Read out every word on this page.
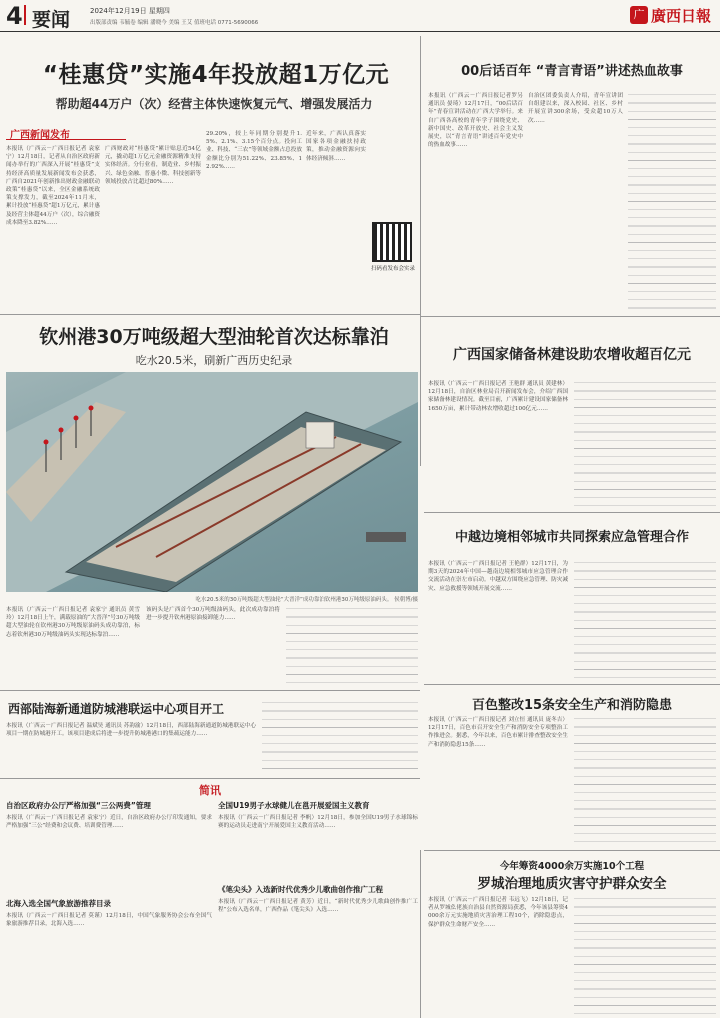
4 要闻	2024年12月19日 星期四
出版部责编 韦毓卷 编辑 潘晓今 美编 王艾 值班电话 0771-5690066
广 廣西日報
“桂惠贷”实施4年投放超1万亿元
帮助超44万户（次）经营主体快速恢复元气、增强发展活力
广西新闻发布
本报讯（广西云－广西日报记者 袁家宁）12月18日，记者从自治区政府新闻办举行的广西深入开展“桂惠贷”支持经济高质量发展新闻发布会获悉，广西自2021年创新推出财政金融联动政策“桂惠贷”以来，全区金融系统政策支撑发力，截至2024年11月末，累计投放“桂惠贷”超1万亿元，累计惠及经营主体超44万户（次），综合融资成本降至3.82%……
广西财政对“桂惠贷”累计贴息近54亿元，撬动超1万亿元金融资源精准支持实体经济。分行业看，制造业、乡村振兴、绿色金融、普惠小微、科技创新等领域投放占比超过80%……
29.20%，较上年同期分别提升1.5%、2.1%、3.15个百分点。投向工业、科技、“三农”等领域金额占总投放金额比分别为51.22%、23.85%、12.92%……
近年来，广西认真落实国家各项金融扶持政策，推动金融资源向实体经济倾斜……
扫码看发布会实录
00后话百年 “青言青语”讲述热血故事
本报讯（广西云－广西日报记者罗另 通讯员 晏琦）12月17日，“00后话百年”青春宣讲活动在广西大学举行。来自广西各高校的青年学子围绕党史、新中国史、改革开放史、社会主义发展史，以“青言青语”讲述百年党史中的热血故事……
自治区团委负责人介绍，青年宣讲团自组建以来，深入校园、社区、乡村开展宣讲300余场，受众超10万人次……
钦州港30万吨级超大型油轮首次达标靠泊
吃水20.5米，刷新广西历史纪录
吃水20.5米的30万吨级超大型油轮“大晋洋”成功靠泊钦州港30万吨级原油码头。 侯朝博/摄
本报讯（广西云－广西日报记者 袁家宁 通讯员 黄雪玲）12月18日上午，满载原油的“大晋洋”号30万吨级超大型油轮在钦州港30万吨级原油码头成功靠泊，标志着钦州港30万吨级油码头实现达标靠泊……
该码头是广西首个30万吨级油码头，此次成功靠泊将进一步提升钦州港原油接卸能力……
广西国家储备林建设助农增收超百亿元
本报讯（广西云－广西日报记者 王艳群 通讯员 黄建林）12月18日，自治区林业局召开新闻发布会，介绍广西国家储备林建设情况。截至目前，广西累计建设国家储备林1650万亩，累计带动林农增收超过100亿元……
中越边境相邻城市共同探索应急管理合作
本报讯（广西云－广西日报记者 王艳群）12月17日，为期3天的2024年中国—越南边境相邻城市应急管理合作交流活动在崇左市启动。中越双方围绕应急管理、防灾减灾、应急救援等领域开展交流……
百色整改15条安全生产和消防隐患
本报讯（广西云－广西日报记者 刘立恒 通讯员 庞冬吉）12月17日，百色市召开安全生产和消防安全专项整治工作推进会。据悉，今年以来，百色市累计排查整改安全生产和消防隐患15条……
西部陆海新通道防城港联运中心项目开工
本报讯（广西云－广西日报记者 温斌昊 通讯员 苏韵渝）12月18日，西部陆海新通道防城港联运中心项目一期在防城港开工。该项目建成后将进一步提升防城港港口的集疏运能力……
简讯
自治区政府办公厅严格加强“三公两费”管理
本报讯（广西云－广西日报记者 袁家宁）近日，自治区政府办公厅印发通知，要求严格加强“三公”经费和会议费、培训费管理……
全国U19男子水球健儿在邕开展爱国主义教育
本报讯（广西云－广西日报记者 李帆）12月18日，参加全国U19男子水球锦标赛的运动员走进南宁开展爱国主义教育活动……
北海入选全国气象旅游推荐目录
本报讯（广西云－广西日报记者 莫谨）12月18日，中国气象服务协会公布全国气象旅游推荐目录，北海入选……
《笔尖头》入选新时代优秀少儿歌曲创作推广工程
本报讯（广西云－广西日报记者 黄芳）近日，“新时代优秀少儿歌曲创作推广工程”公布入选名单，广西作品《笔尖头》入选……
今年筹资4000余万实施10个工程
罗城治理地质灾害守护群众安全
本报讯（广西云－广西日报记者 韦远飞）12月18日，记者从罗城仫佬族自治县自然资源局获悉，今年该县筹资4000余万元实施地质灾害治理工程10个，消除隐患点，保护群众生命财产安全……
